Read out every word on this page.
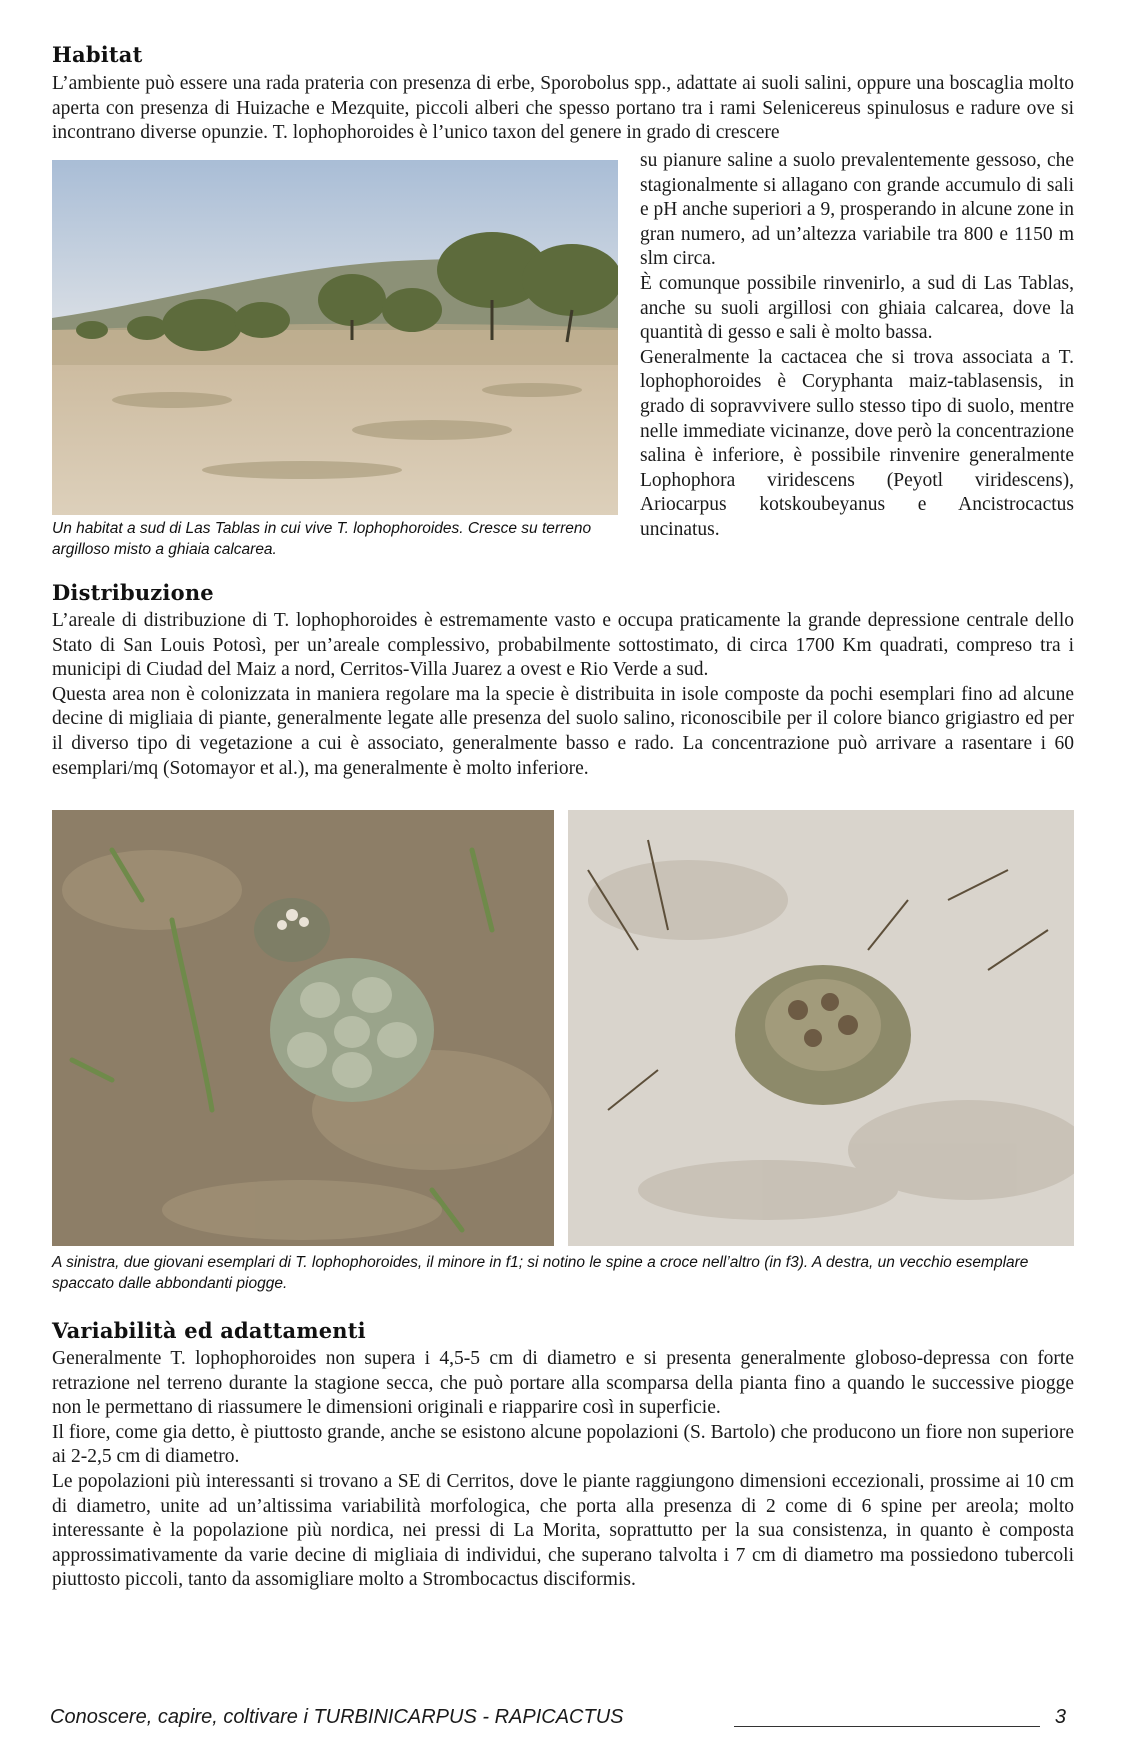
Habitat
L’ambiente può essere una rada prateria con presenza di erbe, Sporobolus spp., adattate ai suoli salini, oppure una boscaglia molto aperta con presenza di Huizache e Mezquite, piccoli alberi che spesso portano tra i rami Selenicereus spinulosus e radure ove si incontrano diverse opunzie. T. lophophoroides è l’unico taxon del genere in grado di crescere
Un habitat a sud di Las Tablas in cui vive T. lophophoroides. Cresce su terreno argilloso misto a ghiaia calcarea.

su pianure saline a suolo prevalentemente gessoso, che stagionalmente si allagano con grande accumulo di sali e pH anche superiori a 9, prosperando in alcune zone in gran numero, ad un’altezza variabile tra 800 e 1150 m slm circa.

È comunque possibile rinvenirlo, a sud di Las Tablas, anche su suoli argillosi con ghiaia calcarea, dove la quantità di gesso e sali è molto bassa.

Generalmente la cactacea che si trova associata a T. lophophoroides è Coryphanta maiz-tablasensis, in grado di sopravvivere sullo stesso tipo di suolo, mentre nelle immediate vicinanze, dove però la concentrazione salina è inferiore, è possibile rinvenire generalmente Lophophora viridescens (Peyotl viridescens), Ariocarpus kotskoubeyanus e Ancistrocactus uncinatus.

Distribuzione

L’areale di distribuzione di T. lophophoroides è estremamente vasto e occupa praticamente la grande depressione centrale dello Stato di San Louis Potosì, per un’areale complessivo, probabilmente sottostimato, di circa 1700 Km quadrati, compreso tra i municipi di Ciudad del Maiz a nord, Cerritos-Villa Juarez a ovest e Rio Verde a sud.

Questa area non è colonizzata in maniera regolare ma la specie è distribuita in isole composte da pochi esemplari fino ad alcune decine di migliaia di piante, generalmente legate alle presenza del suolo salino, riconoscibile per il colore bianco grigiastro ed per il diverso tipo di vegetazione a cui è associato, generalmente basso e rado. La concentrazione può arrivare a rasentare i 60 esemplari/mq (Sotomayor et al.), ma generalmente è molto inferiore.

A sinistra, due giovani esemplari di T. lophophoroides, il minore in f1; si notino le spine a croce nell’altro (in f3). A destra, un vecchio esemplare spaccato dalle abbondanti piogge.
Variabilità ed adattamenti

Generalmente T. lophophoroides non supera i 4,5-5 cm di diametro e si presenta generalmente globoso-depressa con forte retrazione nel terreno durante la stagione secca, che può portare alla scomparsa della pianta fino a quando le successive piogge non le permettano di riassumere le dimensioni originali e riapparire così in superficie.

Il fiore, come gia detto, è piuttosto grande, anche se esistono alcune popolazioni (S. Bartolo) che producono un fiore non superiore ai 2-2,5 cm di diametro.

Le popolazioni più interessanti si trovano a SE di Cerritos, dove le piante raggiungono dimensioni eccezionali, prossime ai 10 cm di diametro, unite ad un’altissima variabilità morfologica, che porta alla presenza di 2 come di 6 spine per areola; molto interessante è la popolazione più nordica, nei pressi di La Morita, soprattutto per la sua consistenza, in quanto è composta approssimativamente da varie decine di migliaia di individui, che superano talvolta i 7 cm di diametro ma possiedono tubercoli piuttosto piccoli, tanto da assomigliare molto a Strombocactus disciformis.

Conoscere, capire, coltivare i TURBINICARPUS - RAPICACTUS	3
